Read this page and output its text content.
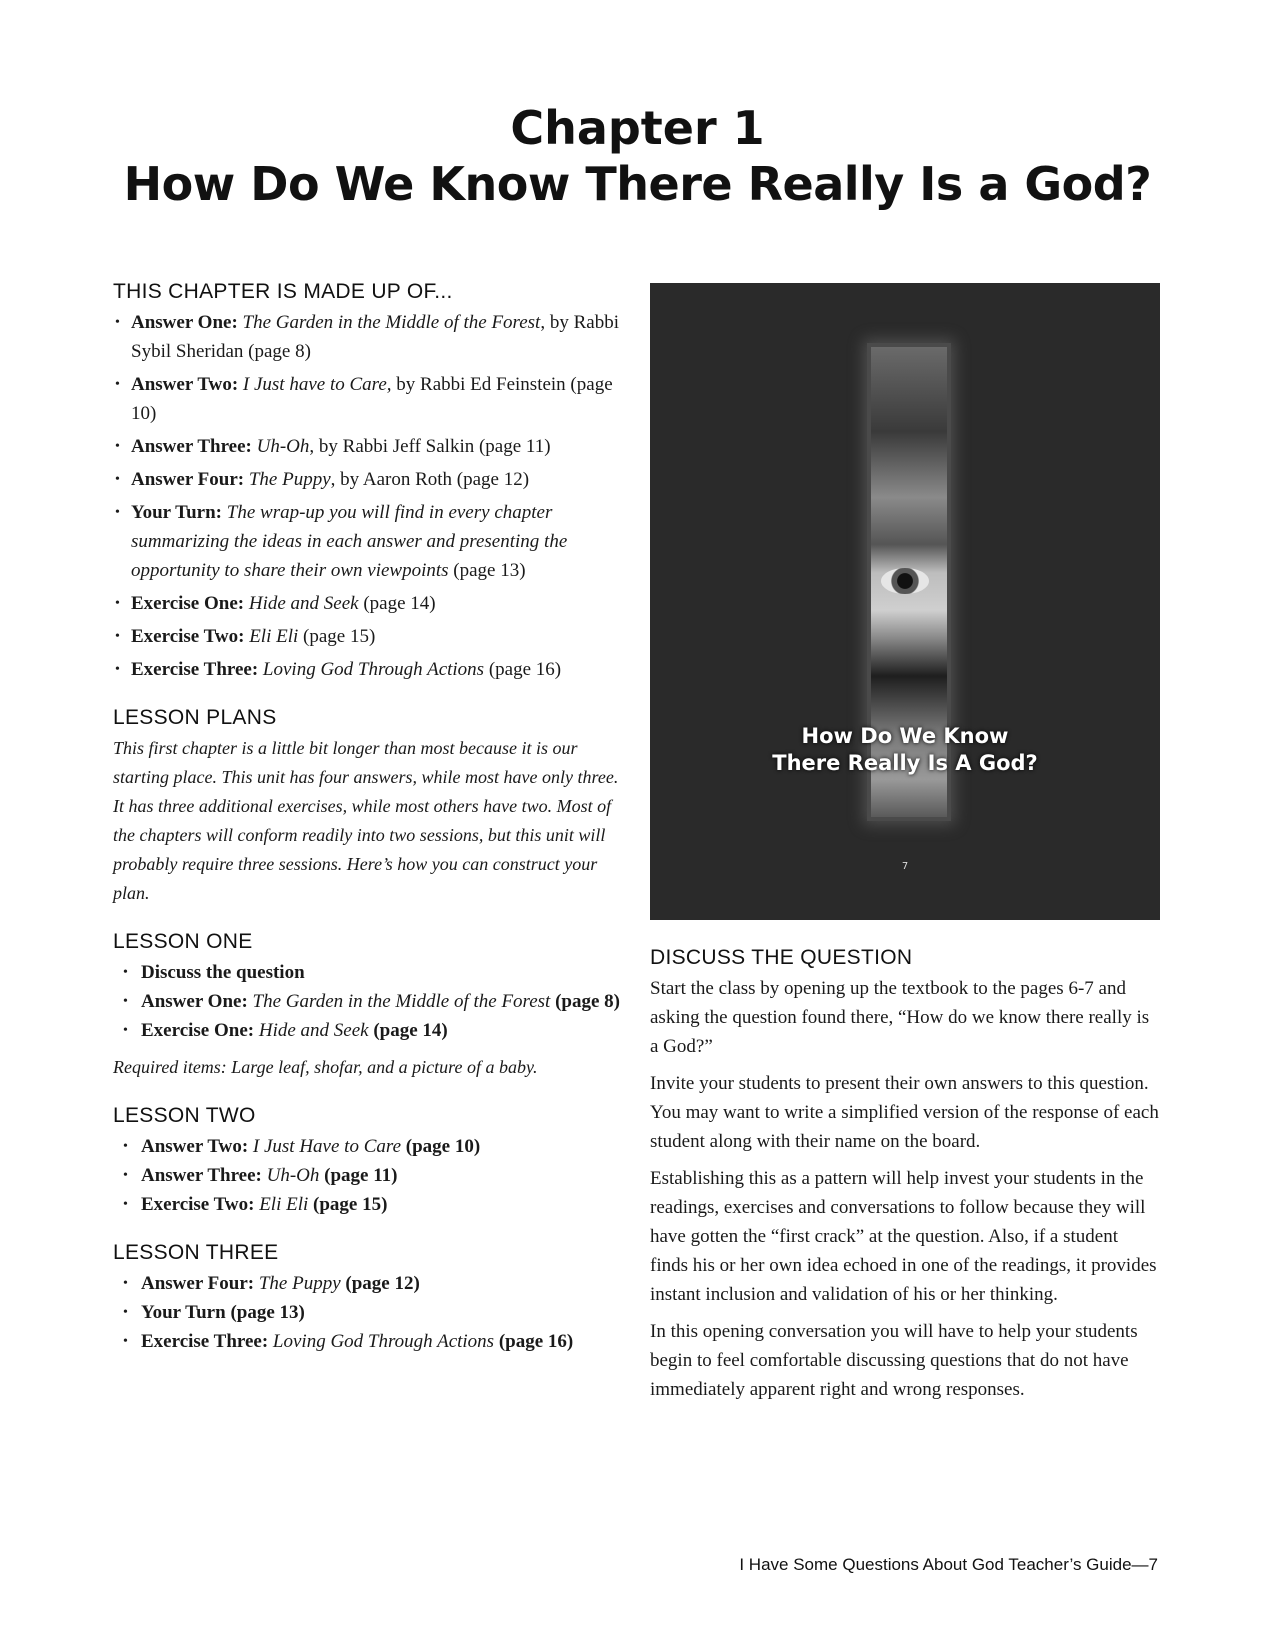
Chapter 1
How Do We Know There Really Is a God?
THIS CHAPTER IS MADE UP OF...
• Answer One: The Garden in the Middle of the Forest, by Rabbi Sybil Sheridan (page 8)
• Answer Two: I Just have to Care, by Rabbi Ed Feinstein (page 10)
• Answer Three: Uh-Oh, by Rabbi Jeff Salkin (page 11)
• Answer Four: The Puppy, by Aaron Roth (page 12)
• Your Turn: The wrap-up you will find in every chapter summarizing the ideas in each answer and presenting the opportunity to share their own viewpoints (page 13)
• Exercise One: Hide and Seek (page 14)
• Exercise Two: Eli Eli (page 15)
• Exercise Three: Loving God Through Actions (page 16)
LESSON PLANS

This first chapter is a little bit longer than most because it is our starting place. This unit has four answers, while most have only three. It has three additional exercises, while most others have two. Most of the chapters will conform readily into two sessions, but this unit will probably require three sessions. Here’s how you can construct your plan.

LESSON ONE
• Discuss the question
• Answer One: The Garden in the Middle of the Forest (page 8)
• Exercise One: Hide and Seek (page 14)

Required items: Large leaf, shofar, and a picture of a baby.

LESSON TWO
• Answer Two: I Just Have to Care (page 10)
• Answer Three: Uh-Oh (page 11)
• Exercise Two: Eli Eli (page 15)
LESSON THREE
• Answer Four: The Puppy (page 12)
• Your Turn (page 13)
• Exercise Three: Loving God Through Actions (page 16)
How Do We Know
There Really Is A God?
7
DISCUSS THE QUESTION

Start the class by opening up the textbook to the pages 6-7 and asking the question found there, “How do we know there really is a God?”

Invite your students to present their own answers to this question. You may want to write a simplified version of the response of each student along with their name on the board.

Establishing this as a pattern will help invest your students in the readings, exercises and conversations to follow because they will have gotten the “first crack” at the question. Also, if a student finds his or her own idea echoed in one of the readings, it provides instant inclusion and validation of his or her thinking.

In this opening conversation you will have to help your students begin to feel comfortable discussing questions that do not have immediately apparent right and wrong responses.

I Have Some Questions About God Teacher’s Guide—7
